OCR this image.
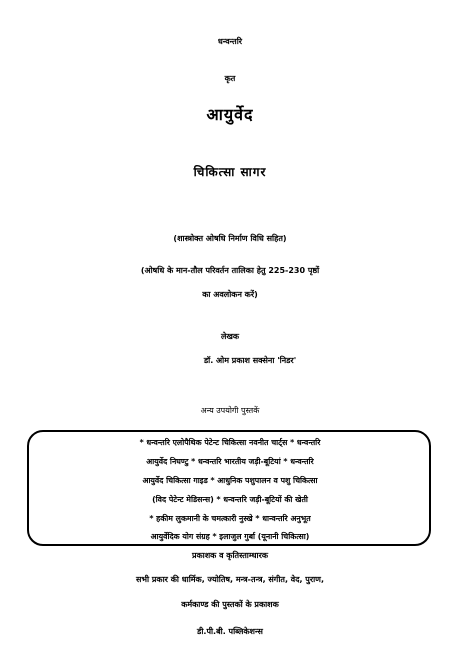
धन्वन्तरि
कृत
आयुर्वेद
चिकित्सा सागर
(शास्त्रोक्त ओषधि निर्माण विधि सहित)
(ओषधि के मान-तौल परिवर्तन तालिका हेतु 225-230 पृष्ठों
का अवलोकन करें)
लेखक
डॉ. ओम प्रकाश सक्सेना 'निडर'
अन्य उपयोगी पुस्तकें
* धन्वन्तरि एलोपैथिक पेटेन्ट चिकित्सा नवनीत चार्ट्स * धन्वन्तरि
आयुर्वेद निघण्टु * धन्वन्तरि भारतीय जड़ी-बूटियां * धन्वन्तरि
आयुर्वेद चिकित्सा गाइड * आधुनिक पशुपालन व पशु चिकित्सा
(विद पेटेन्ट मेडिसन्स) * धन्वन्तरि जड़ी-बूटियों की खेती
* हकीम लुकमानी के चमत्कारी नुस्खे * धान्वन्तरि अनुभूत
आयुर्वेदिक योग संग्रह * इलाजुल गुर्बा (यूनानी चिकित्सा)
प्रकाशक व कृतिस्ताम्धारक
सभी प्रकार की धार्मिक, ज्योतिष, मन्त्र-तन्त्र, संगीत, वेद, पुराण,
कर्मकाण्ड की पुस्तकों के प्रकाशक
डी.पी.बी. पब्लिकेशन्स
